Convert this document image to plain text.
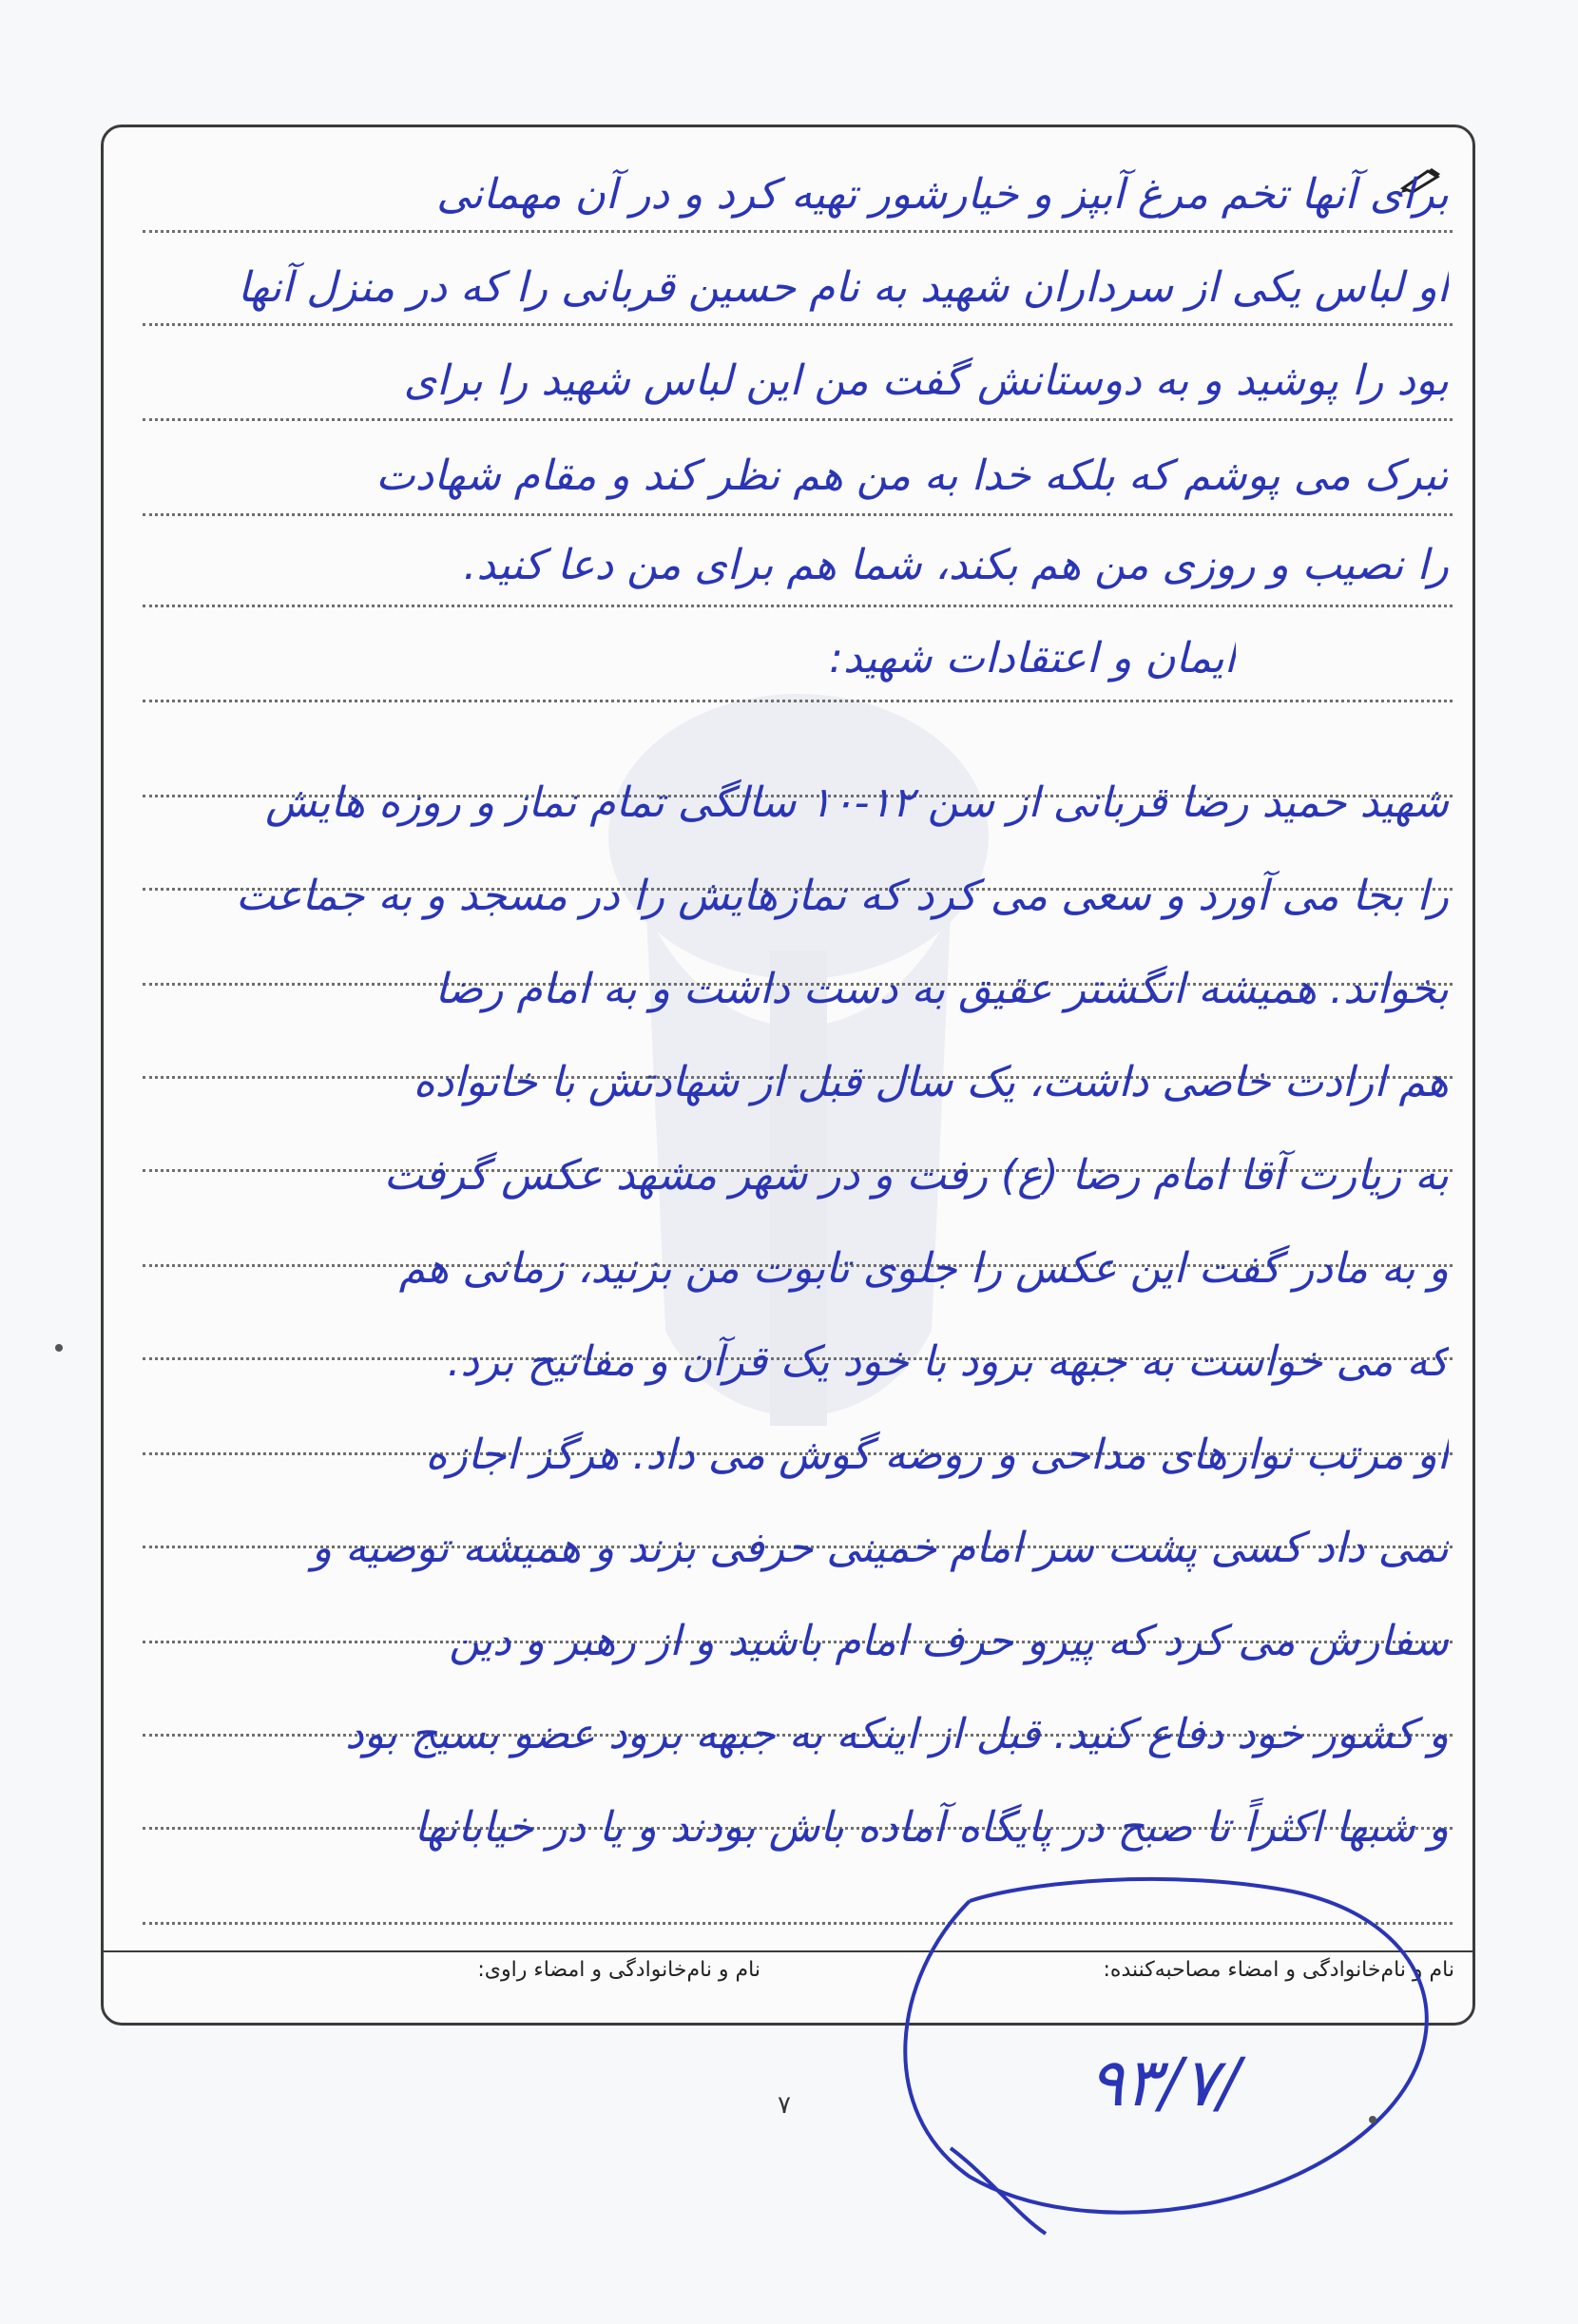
برای آنها تخم مرغ آبپز و خیارشور تهیه کرد و در آن مهمانی
او لباس یکی از سرداران شهید به نام حسین قربانی را که در منزل آنها
بود را پوشید و به دوستانش گفت من این لباس شهید را برای
تبرک می پوشم که بلکه خدا به من هم نظر کند و مقام شهادت
را نصیب و روزی من هم بکند، شما هم برای من دعا کنید.
ایمان و اعتقادات شهید:
شهید حمید رضا قربانی از سن ۱۲-۱۰ سالگی تمام نماز و روزه هایش
را بجا می آورد و سعی می کرد که نمازهایش را در مسجد و به جماعت
بخواند. همیشه انگشتر عقیق به دست داشت و به امام رضا
هم ارادت خاصی داشت، یک سال قبل از شهادتش با خانواده
به زیارت آقا امام رضا (ع) رفت و در شهر مشهد عکس گرفت
و به مادر گفت این عکس را جلوی تابوت من بزنید، زمانی هم
که می خواست به جبهه برود با خود یک قرآن و مفاتیح برد.
او مرتب نوارهای مداحی و روضه گوش می داد. هرگز اجازه
نمی داد کسی پشت سر امام خمینی حرفی بزند و همیشه توصیه و
سفارش می کرد که پیرو حرف امام باشید و از رهبر و دین
و کشور خود دفاع کنید. قبل از اینکه به جبهه برود عضو بسیج بود
و شبها اکثراً تا صبح در پایگاه آماده باش بودند و یا در خیابانها
نام و نام‌خانوادگی و امضاء مصاحبه‌کننده:
نام و نام‌خانوادگی و امضاء راوی:
۹۳/۷/
۷
